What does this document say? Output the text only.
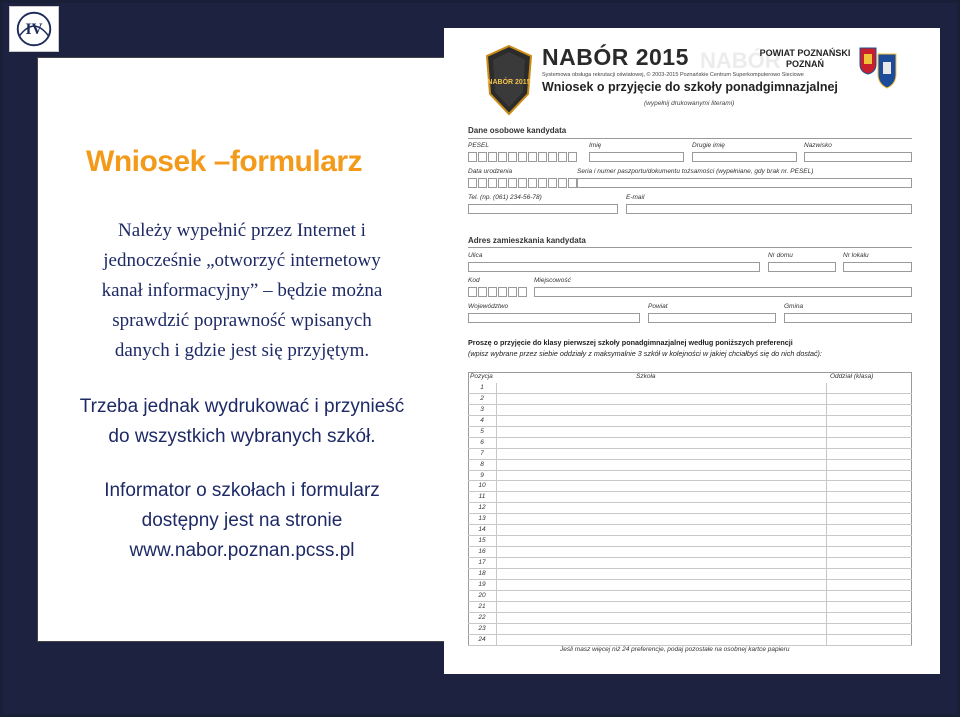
IV
Wniosek –formularz
Należy wypełnić przez Internet i
jednocześnie „otworzyć internetowy
kanał informacyjny” – będzie można
sprawdzić poprawność wpisanych
danych i gdzie jest się przyjętym.
Trzeba jednak wydrukować i przynieść
do wszystkich wybranych szkół.
Informator o szkołach i formularz
dostępny jest na stronie
www.nabor.poznan.pcss.pl
NABÓR 2015

NABÓR 2015 NABÓR

POWIAT POZNAŃSKI
POZNAŃ

Systemowa obsługa rekrutacji oświatowej, © 2003-2015 Poznańskie Centrum Superkomputerowo Sieciowe

Wniosek o przyjęcie do szkoły ponadgimnazjalnej

(wypełnij drukowanymi literami)

Dane osobowe kandydata

PESEL	Imię	Drugie imię	Nazwisko

Data urodzenia	Seria i numer paszportu/dokumentu tożsamości (wypełniane, gdy brak nr. PESEL)

Tel. (np. (061) 234-56-78)	E-mail

Adres zamieszkania kandydata

Ulica	Nr domu	Nr lokalu

Kod	Miejscowość

Województwo	Powiat	Gmina

Proszę o przyjęcie do klasy pierwszej szkoły ponadgimnazjalnej według poniższych preferencji

(wpisz wybrane przez siebie oddziały z maksymalnie 3 szkół w kolejności w jakiej chciałbyś się do nich dostać):

Pozycja	Szkoła	Oddział (klasa)

1
2
3
4
5
6
7
8
9
10
11
12
13
14
15
16
17
18
19
20
21
22
23
24

Jeśli masz więcej niż 24 preferencje, podaj pozostałe na osobnej kartce papieru
